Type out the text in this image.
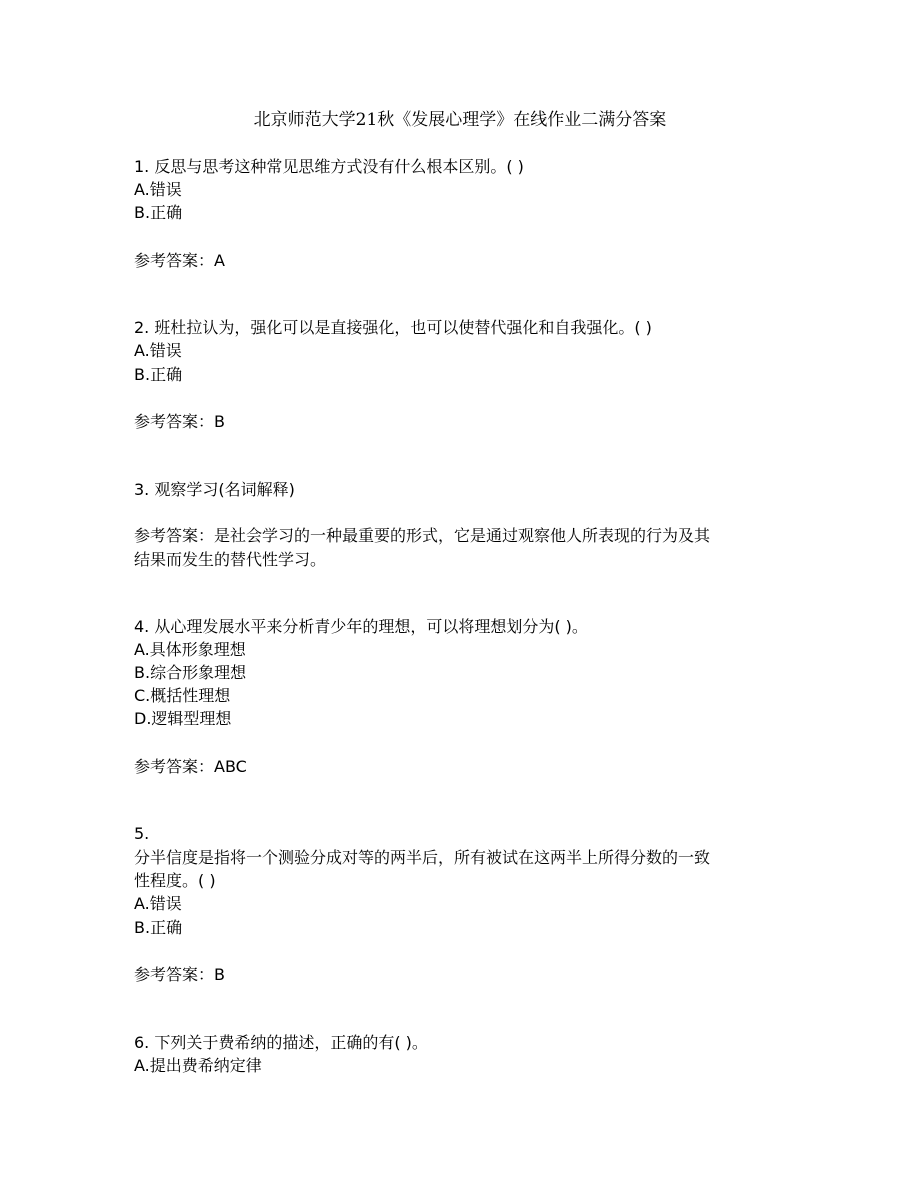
北京师范大学21秋《发展心理学》在线作业二满分答案
1. 反思与思考这种常见思维方式没有什么根本区别。( )
A.错误
B.正确
参考答案：A
2. 班杜拉认为，强化可以是直接强化，也可以使替代强化和自我强化。( )
A.错误
B.正确
参考答案：B
3. 观察学习(名词解释)
参考答案：是社会学习的一种最重要的形式，它是通过观察他人所表现的行为及其
结果而发生的替代性学习。
4. 从心理发展水平来分析青少年的理想，可以将理想划分为( )。
A.具体形象理想
B.综合形象理想
C.概括性理想
D.逻辑型理想
参考答案：ABC
5.
分半信度是指将一个测验分成对等的两半后，所有被试在这两半上所得分数的一致
性程度。( )
A.错误
B.正确
参考答案：B
6. 下列关于费希纳的描述，正确的有( )。
A.提出费希纳定律
